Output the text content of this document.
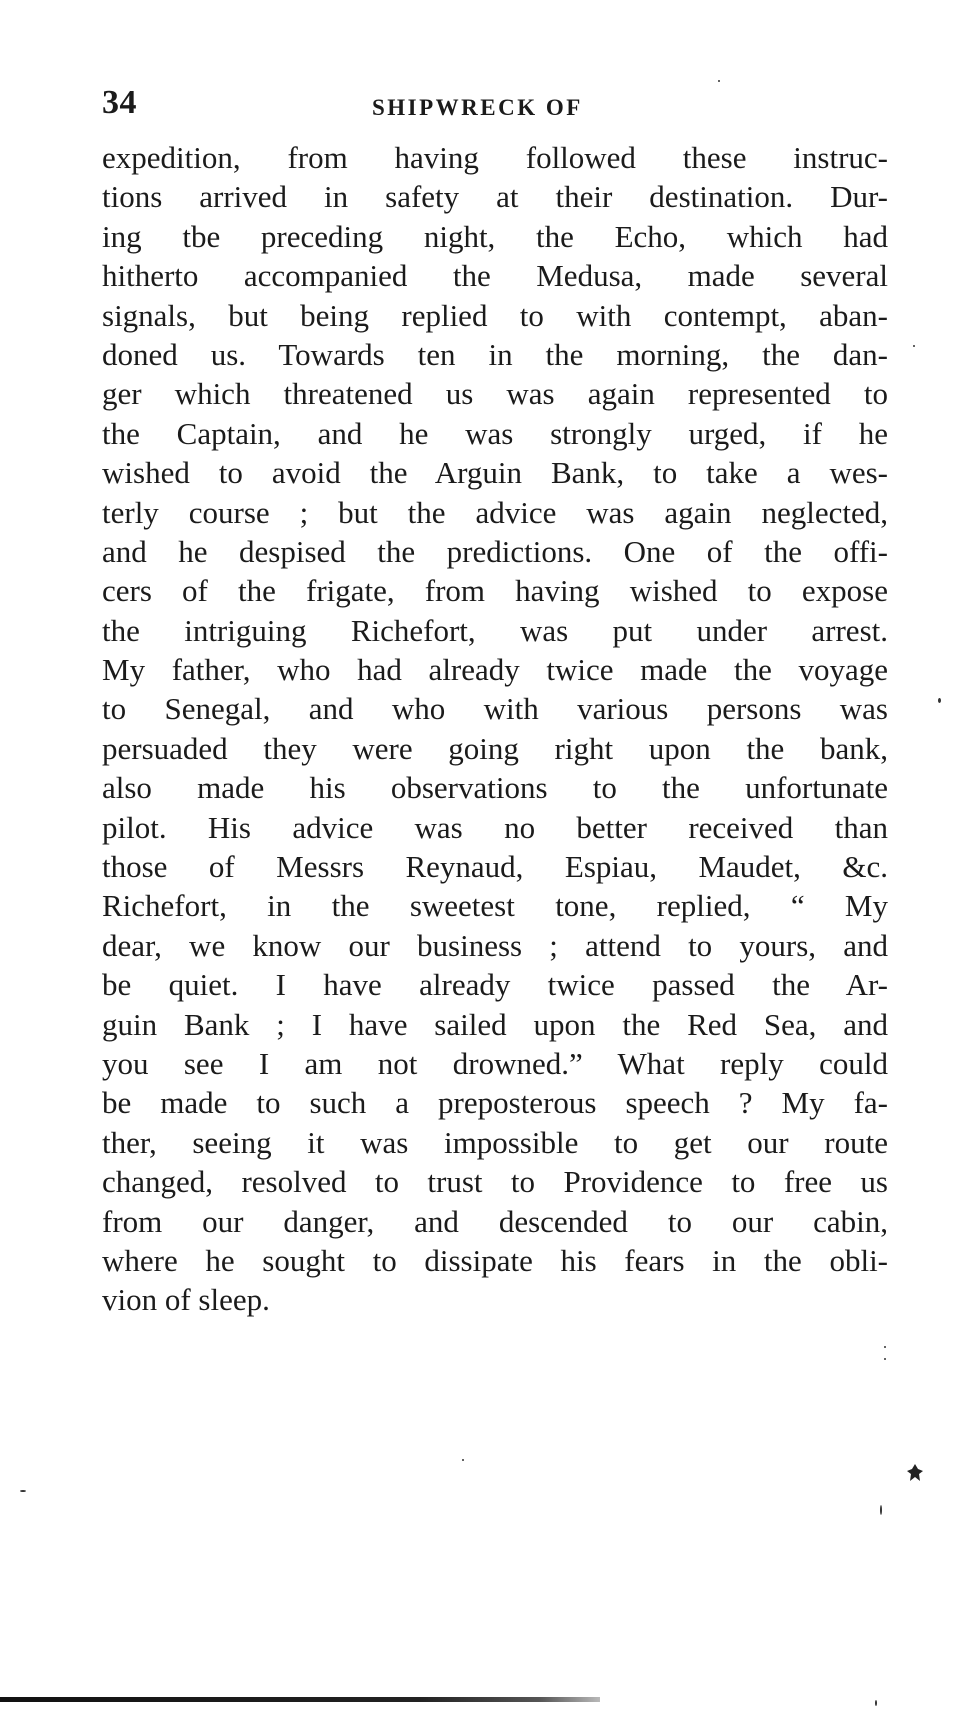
34	SHIPWRECK OF
expedition, from having followed these instruc-
tions arrived in safety at their destination. Dur-
ing tbe preceding night, the Echo, which had
hitherto accompanied the Medusa, made several
signals, but being replied to with contempt, aban-
doned us. Towards ten in the morning, the dan-
ger which threatened us was again represented to
the Captain, and he was strongly urged, if he
wished to avoid the Arguin Bank, to take a wes-
terly course ; but the advice was again neglected,
and he despised the predictions. One of the offi-
cers of the frigate, from having wished to expose
the intriguing Richefort, was put under arrest.
My father, who had already twice made the voyage
to Senegal, and who with various persons was
persuaded they were going right upon the bank,
also made his observations to the unfortunate
pilot. His advice was no better received than
those of Messrs Reynaud, Espiau, Maudet, &c.
Richefort, in the sweetest tone, replied, “ My
dear, we know our business ; attend to yours, and
be quiet. I have already twice passed the Ar-
guin Bank ; I have sailed upon the Red Sea, and
you see I am not drowned.” What reply could
be made to such a preposterous speech ? My fa-
ther, seeing it was impossible to get our route
changed, resolved to trust to Providence to free us
from our danger, and descended to our cabin,
where he sought to dissipate his fears in the obli-
vion of sleep.
